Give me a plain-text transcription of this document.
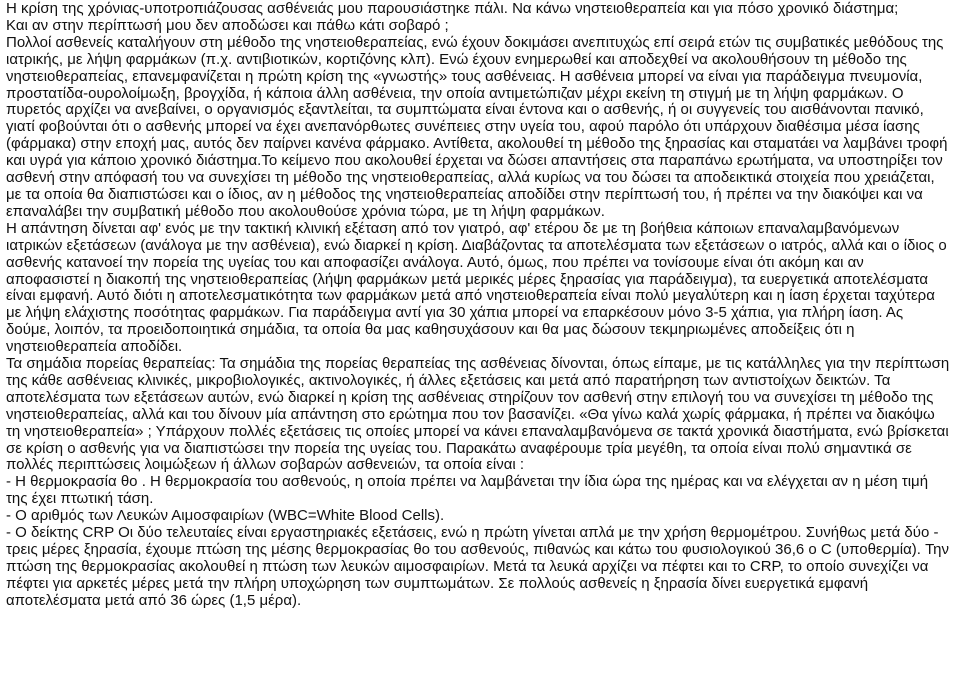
Η κρίση της χρόνιας-υποτροπιάζουσας ασθένειάς μου παρουσιάστηκε πάλι. Να κάνω νηστειοθεραπεία και για πόσο χρονικό διάστημα;

Και αν στην περίπτωσή μου δεν αποδώσει και πάθω κάτι σοβαρό ;

Πολλοί ασθενείς καταλήγουν στη μέθοδο της νηστειοθεραπείας, ενώ έχουν δοκιμάσει ανεπιτυχώς επί σειρά ετών τις συμβατικές μεθόδους της ιατρικής, με λήψη φαρμάκων (π.χ. αντιβιοτικών, κορτιζόνης κλπ). Ενώ έχουν ενημερωθεί και αποδεχθεί να ακολουθήσουν τη μέθοδο της νηστειοθεραπείας, επανεμφανίζεται η πρώτη κρίση της «γνωστής» τους ασθένειας. Η ασθένεια μπορεί να είναι για παράδειγμα πνευμονία, προστατίδα-ουρολοίμωξη, βρογχίδα, ή κάποια άλλη ασθένεια, την οποία αντιμετώπιζαν μέχρι εκείνη τη στιγμή με τη λήψη φαρμάκων. Ο πυρετός αρχίζει να ανεβαίνει, ο οργανισμός εξαντλείται, τα συμπτώματα είναι έντονα και ο ασθενής, ή οι συγγενείς του αισθάνονται πανικό, γιατί φοβούνται ότι ο ασθενής μπορεί να έχει ανεπανόρθωτες συνέπειες στην υγεία του, αφού παρόλο ότι υπάρχουν διαθέσιμα μέσα ίασης (φάρμακα) στην εποχή μας, αυτός δεν παίρνει κανένα φάρμακο. Αντίθετα, ακολουθεί τη μέθοδο της ξηρασίας και σταματάει να λαμβάνει τροφή και υγρά για κάποιο χρονικό διάστημα.Το κείμενο που ακολουθεί έρχεται να δώσει απαντήσεις στα παραπάνω ερωτήματα, να υποστηρίξει τον ασθενή στην απόφασή του να συνεχίσει τη μέθοδο της νηστειοθεραπείας, αλλά κυρίως να του δώσει τα αποδεικτικά στοιχεία που χρειάζεται, με τα οποία θα διαπιστώσει και ο ίδιος, αν η μέθοδος της νηστειοθεραπείας αποδίδει στην περίπτωσή του, ή πρέπει να την διακόψει και να επαναλάβει την συμβατική μέθοδο που ακολουθούσε χρόνια τώρα, με τη λήψη φαρμάκων.

Η απάντηση δίνεται αφ' ενός με την τακτική κλινική εξέταση από τον γιατρό, αφ' ετέρου δε με τη βοήθεια κάποιων επαναλαμβανόμενων ιατρικών εξετάσεων (ανάλογα με την ασθένεια), ενώ διαρκεί η κρίση. Διαβάζοντας τα αποτελέσματα των εξετάσεων ο ιατρός, αλλά και ο ίδιος ο ασθενής κατανοεί την πορεία της υγείας του και αποφασίζει ανάλογα. Αυτό, όμως, που πρέπει να τονίσουμε είναι ότι ακόμη και αν αποφασιστεί η διακοπή της νηστειοθεραπείας (λήψη φαρμάκων μετά μερικές μέρες ξηρασίας για παράδειγμα), τα ευεργετικά αποτελέσματα είναι εμφανή. Αυτό διότι η αποτελεσματικότητα των φαρμάκων μετά από νηστειοθεραπεία είναι πολύ μεγαλύτερη και η ίαση έρχεται ταχύτερα με λήψη ελάχιστης ποσότητας φαρμάκων. Για παράδειγμα αντί για 30 χάπια μπορεί να επαρκέσουν μόνο 3-5 χάπια, για πλήρη ίαση. Ας δούμε, λοιπόν, τα προειδοποιητικά σημάδια, τα οποία θα μας καθησυχάσουν και θα μας δώσουν τεκμηριωμένες αποδείξεις ότι η νηστειοθεραπεία αποδίδει.

Τα σημάδια πορείας θεραπείας: Τα σημάδια της πορείας θεραπείας της ασθένειας δίνονται, όπως είπαμε, με τις κατάλληλες για την περίπτωση της κάθε ασθένειας κλινικές, μικροβιολογικές, ακτινολογικές, ή άλλες εξετάσεις και μετά από παρατήρηση των αντιστοίχων δεικτών. Τα αποτελέσματα των εξετάσεων αυτών, ενώ διαρκεί η κρίση της ασθένειας στηρίζουν τον ασθενή στην επιλογή του να συνεχίσει τη μέθοδο της νηστειοθεραπείας, αλλά και του δίνουν μία απάντηση στο ερώτημα που τον βασανίζει. «Θα γίνω καλά χωρίς φάρμακα, ή πρέπει να διακόψω τη νηστειοθεραπεία» ; Υπάρχουν πολλές εξετάσεις τις οποίες μπορεί να κάνει επαναλαμβανόμενα σε τακτά χρονικά διαστήματα, ενώ βρίσκεται σε κρίση ο ασθενής για να διαπιστώσει την πορεία της υγείας του. Παρακάτω αναφέρουμε τρία μεγέθη, τα οποία είναι πολύ σημαντικά σε πολλές περιπτώσεις λοιμώξεων ή άλλων σοβαρών ασθενειών, τα οποία είναι :

- Η θερμοκρασία θο . Η θερμοκρασία του ασθενούς, η οποία πρέπει να λαμβάνεται την ίδια ώρα της ημέρας και να ελέγχεται αν η μέση τιμή της έχει πτωτική τάση.

- Ο αριθμός των Λευκών Αιμοσφαιρίων (WBC=White Blood Cells).

- Ο δείκτης CRP Οι δύο τελευταίες είναι εργαστηριακές εξετάσεις, ενώ η πρώτη γίνεται απλά με την χρήση θερμομέτρου. Συνήθως μετά δύο - τρεις μέρες ξηρασία, έχουμε πτώση της μέσης θερμοκρασίας θο του ασθενούς, πιθανώς και κάτω του φυσιολογικού 36,6 ο C (υποθερμία). Την πτώση της θερμοκρασίας ακολουθεί η πτώση των λευκών αιμοσφαιρίων. Μετά τα λευκά αρχίζει να πέφτει και το CRP, το οποίο συνεχίζει να πέφτει για αρκετές μέρες μετά την πλήρη υποχώρηση των συμπτωμάτων. Σε πολλούς ασθενείς η ξηρασία δίνει ευεργετικά εμφανή αποτελέσματα μετά από 36 ώρες (1,5 μέρα).
